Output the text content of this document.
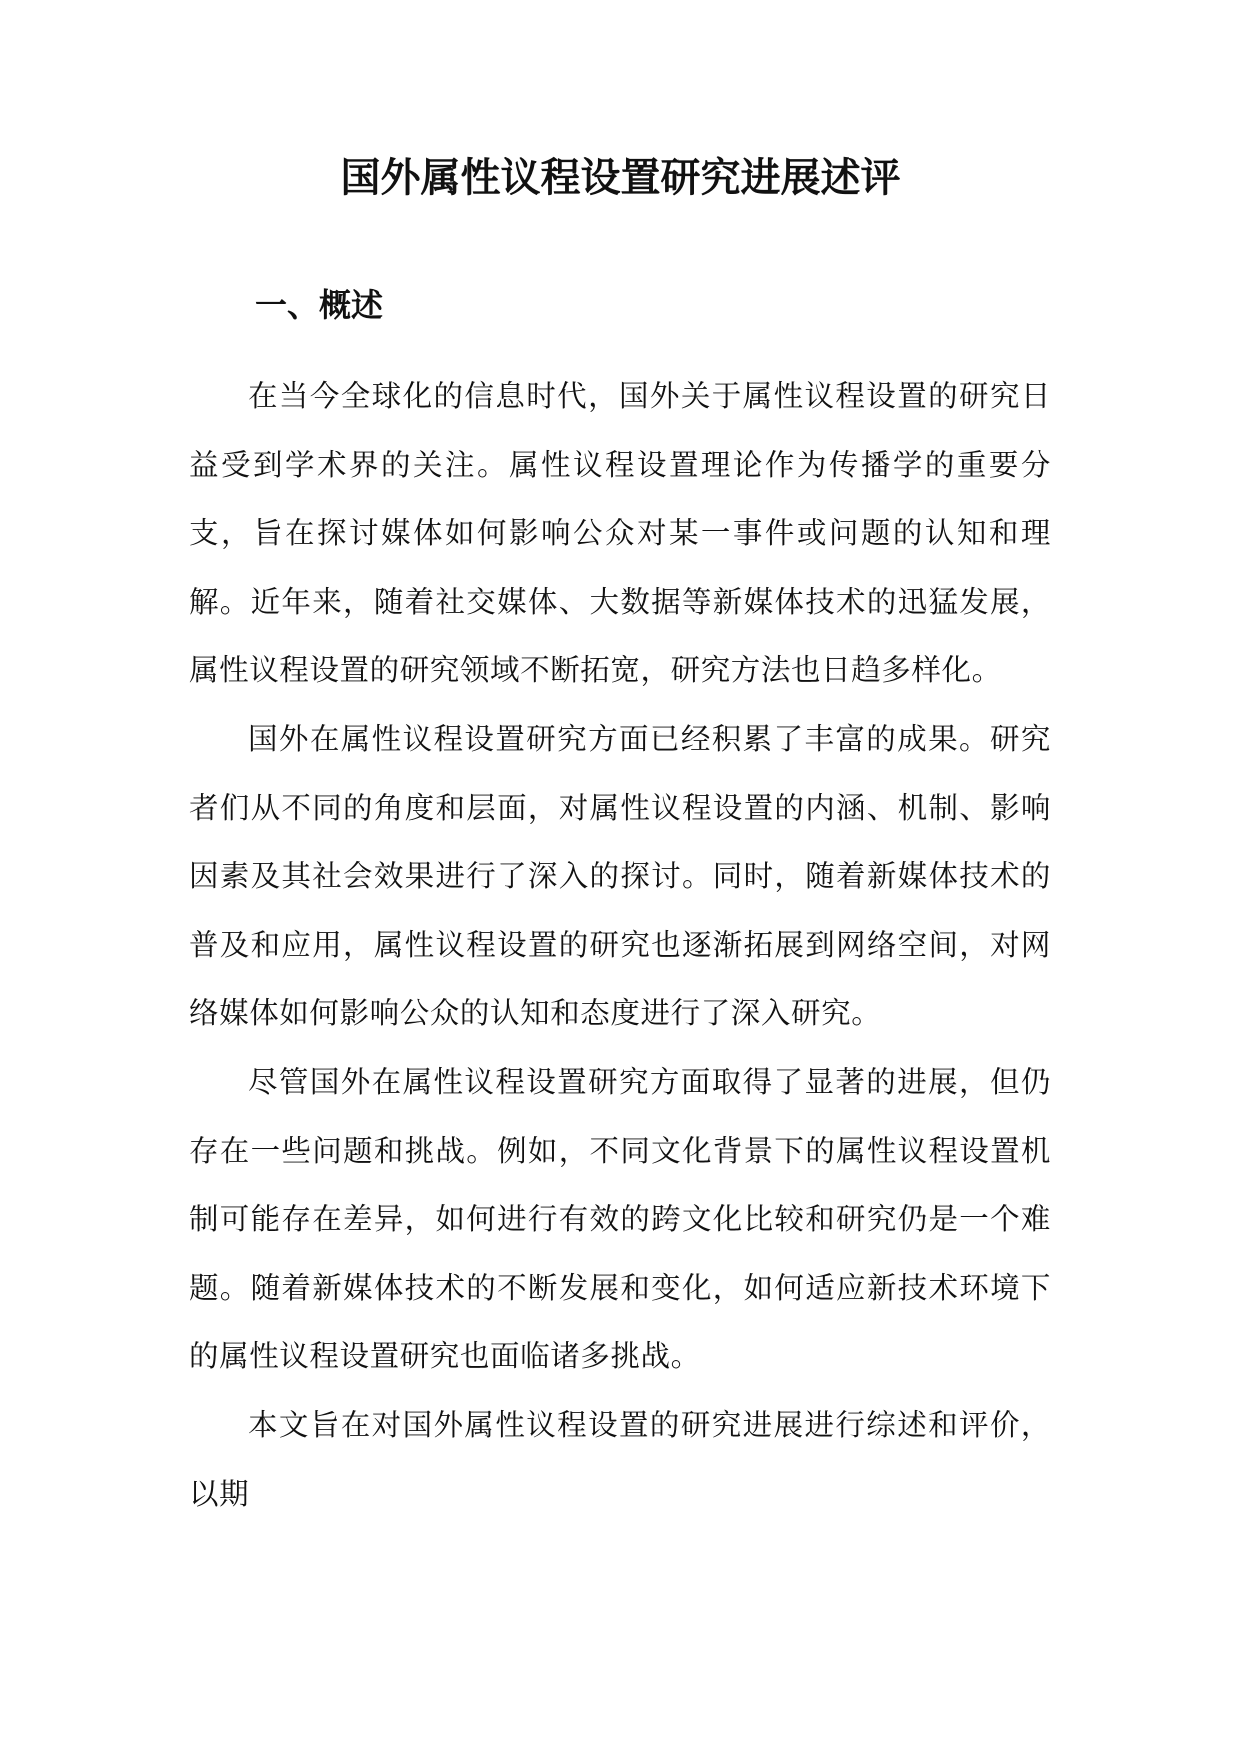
国外属性议程设置研究进展述评
一、概述

在当今全球化的信息时代，国外关于属性议程设置的研究日益受到学术界的关注。属性议程设置理论作为传播学的重要分支，旨在探讨媒体如何影响公众对某一事件或问题的认知和理解。近年来，随着社交媒体、大数据等新媒体技术的迅猛发展，属性议程设置的研究领域不断拓宽，研究方法也日趋多样化。

国外在属性议程设置研究方面已经积累了丰富的成果。研究者们从不同的角度和层面，对属性议程设置的内涵、机制、影响因素及其社会效果进行了深入的探讨。同时，随着新媒体技术的普及和应用，属性议程设置的研究也逐渐拓展到网络空间，对网络媒体如何影响公众的认知和态度进行了深入研究。

尽管国外在属性议程设置研究方面取得了显著的进展，但仍存在一些问题和挑战。例如，不同文化背景下的属性议程设置机制可能存在差异，如何进行有效的跨文化比较和研究仍是一个难题。随着新媒体技术的不断发展和变化，如何适应新技术环境下的属性议程设置研究也面临诸多挑战。

本文旨在对国外属性议程设置的研究进展进行综述和评价，以期
